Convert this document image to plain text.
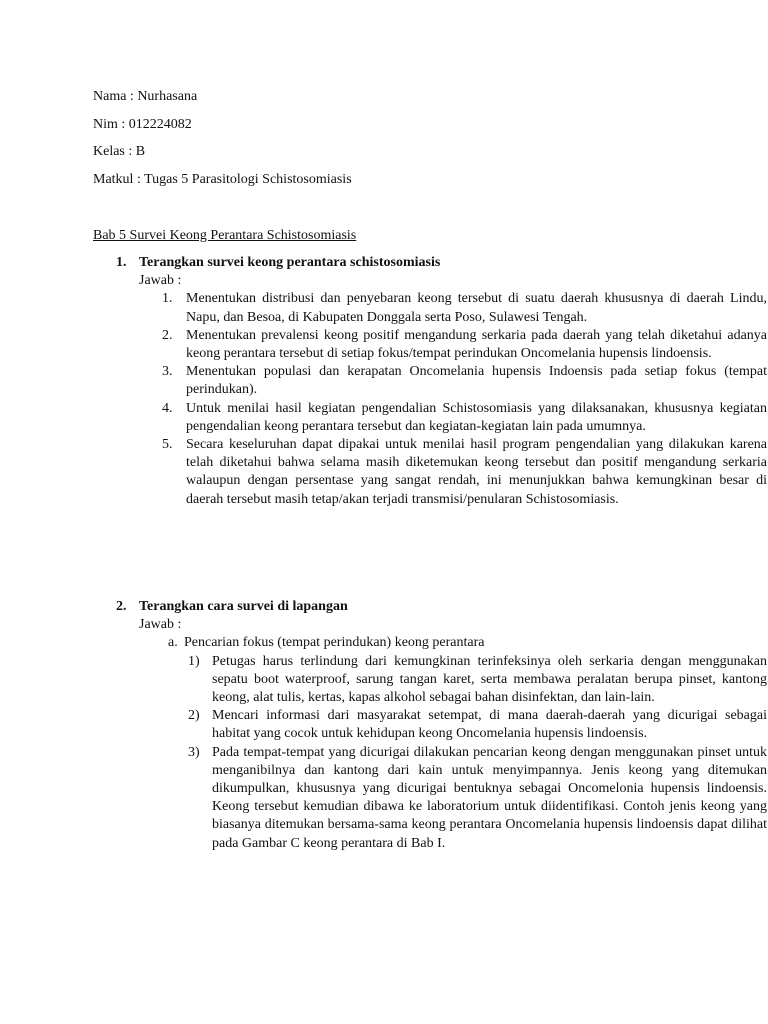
Nama : Nurhasana
Nim : 012224082
Kelas : B
Matkul : Tugas 5 Parasitologi Schistosomiasis
Bab 5 Survei Keong Perantara Schistosomiasis
1. Terangkan survei keong perantara schistosomiasis
Jawab :
1. Menentukan distribusi dan penyebaran keong tersebut di suatu daerah khususnya di daerah Lindu, Napu, dan Besoa, di Kabupaten Donggala serta Poso, Sulawesi Tengah.
2. Menentukan prevalensi keong positif mengandung serkaria pada daerah yang telah diketahui adanya keong perantara tersebut di setiap fokus/tempat perindukan Oncomelania hupensis lindoensis.
3. Menentukan populasi dan kerapatan Oncomelania hupensis Indoensis pada setiap fokus (tempat perindukan).
4. Untuk menilai hasil kegiatan pengendalian Schistosomiasis yang dilaksanakan, khususnya kegiatan pengendalian keong perantara tersebut dan kegiatan-kegiatan lain pada umumnya.
5. Secara keseluruhan dapat dipakai untuk menilai hasil program pengendalian yang dilakukan karena telah diketahui bahwa selama masih diketemukan keong tersebut dan positif mengandung serkaria walaupun dengan persentase yang sangat rendah, ini menunjukkan bahwa kemungkinan besar di daerah tersebut masih tetap/akan terjadi transmisi/penularan Schistosomiasis.
2. Terangkan cara survei di lapangan
Jawab :
a. Pencarian fokus (tempat perindukan) keong perantara
1) Petugas harus terlindung dari kemungkinan terinfeksinya oleh serkaria dengan menggunakan sepatu boot waterproof, sarung tangan karet, serta membawa peralatan berupa pinset, kantong keong, alat tulis, kertas, kapas alkohol sebagai bahan disinfektan, dan lain-lain.
2) Mencari informasi dari masyarakat setempat, di mana daerah-daerah yang dicurigai sebagai habitat yang cocok untuk kehidupan keong Oncomelania hupensis lindoensis.
3) Pada tempat-tempat yang dicurigai dilakukan pencarian keong dengan menggunakan pinset untuk menganibilnya dan kantong dari kain untuk menyimpannya. Jenis keong yang ditemukan dikumpulkan, khususnya yang dicurigai bentuknya sebagai Oncomelonia hupensis lindoensis. Keong tersebut kemudian dibawa ke laboratorium untuk diidentifikasi. Contoh jenis keong yang biasanya ditemukan bersama-sama keong perantara Oncomelania hupensis lindoensis dapat dilihat pada Gambar C keong perantara di Bab I.
